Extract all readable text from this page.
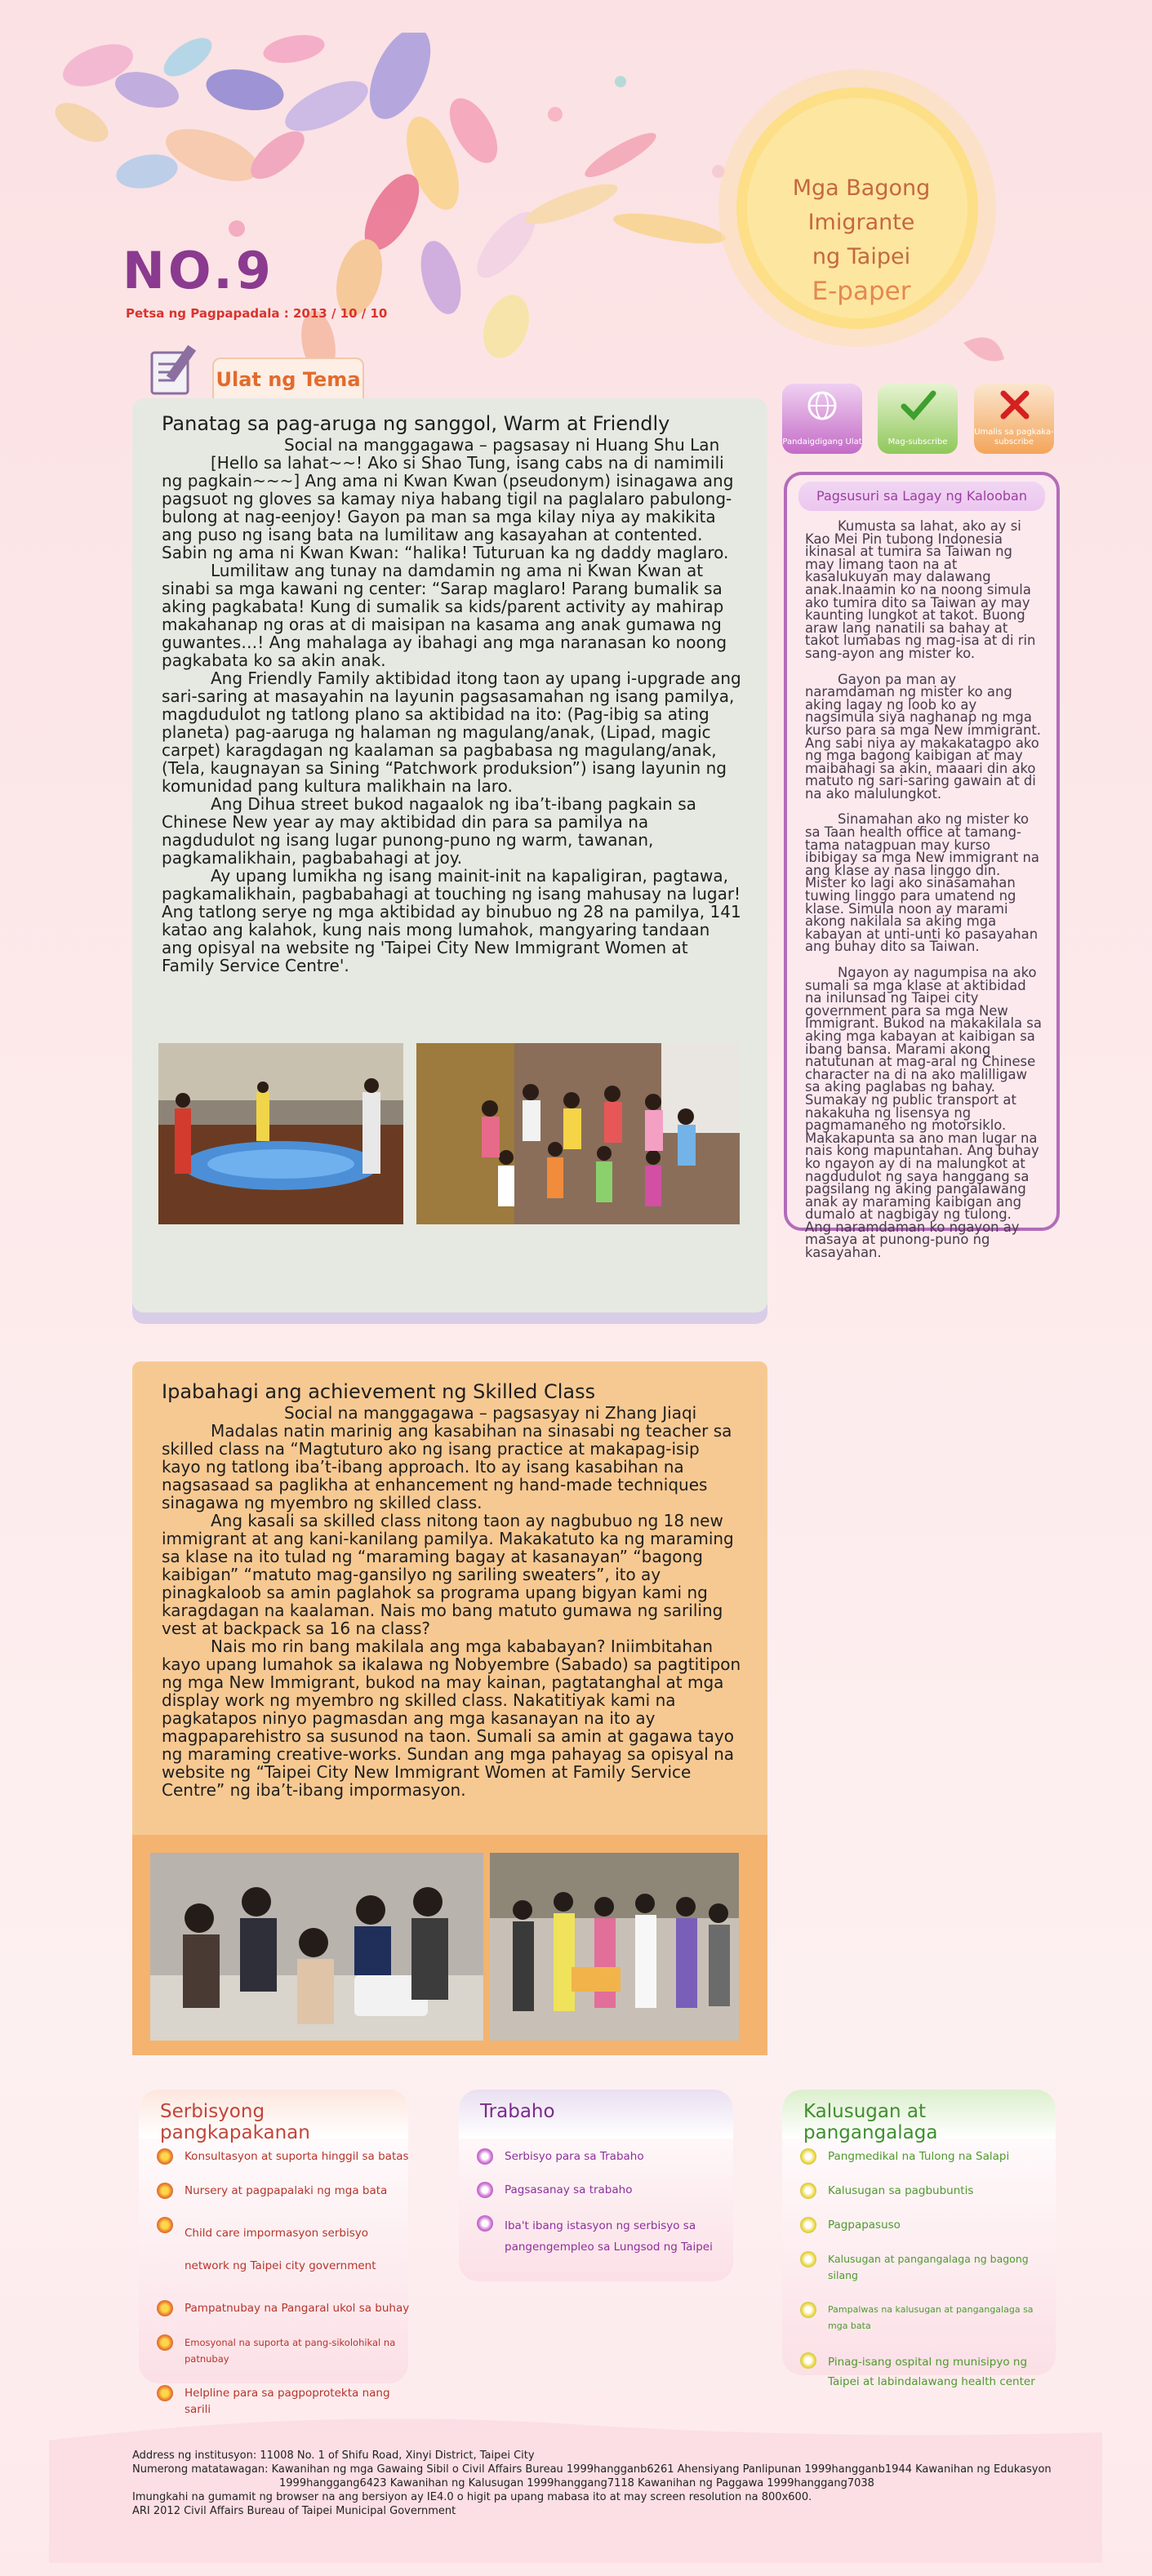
NO.9
Petsa ng Pagpapadala : 2013 / 10 / 10
Mga Bagong Imigrante
ng Taipei
E-paper
Ulat ng Tema
Panatag sa pag-aruga ng sanggol, Warm at Friendly
Social na manggagawa – pagsasay ni Huang Shu Lan

[Hello sa lahat~~! Ako si Shao Tung, isang cabs na di namimili ng pagkain~~~] Ang ama ni Kwan Kwan (pseudonym) isinagawa ang pagsuot ng gloves sa kamay niya habang tigil na paglalaro pabulong-bulong at nag-eenjoy! Gayon pa man sa mga kilay niya ay makikita ang puso ng isang bata na lumilitaw ang kasayahan at contented. Sabin ng ama ni Kwan Kwan: “halika! Tuturuan ka ng daddy maglaro.

Lumilitaw ang tunay na damdamin ng ama ni Kwan Kwan at sinabi sa mga kawani ng center: “Sarap maglaro! Parang bumalik sa aking pagkabata! Kung di sumalik sa kids/parent activity ay mahirap makahanap ng oras at di maisipan na kasama ang anak gumawa ng guwantes…! Ang mahalaga ay ibahagi ang mga naranasan ko noong pagkabata ko sa akin anak.

Ang Friendly Family aktibidad itong taon ay upang i-upgrade ang sari-saring at masayahin na layunin pagsasamahan ng isang pamilya, magdudulot ng tatlong plano sa aktibidad na ito: (Pag-ibig sa ating planeta) pag-aaruga ng halaman ng magulang/anak, (Lipad, magic carpet) karagdagan ng kaalaman sa pagbabasa ng magulang/anak, (Tela, kaugnayan sa Sining “Patchwork produksion”) isang layunin ng komunidad pang kultura malikhain na laro.

Ang Dihua street bukod nagaalok ng iba’t-ibang pagkain sa Chinese New year ay may aktibidad din para sa pamilya na nagdudulot ng isang lugar punong-puno ng warm, tawanan, pagkamalikhain, pagbabahagi at joy.

Ay upang lumikha ng isang mainit-init na kapaligiran, pagtawa, pagkamalikhain, pagbabahagi at touching ng isang mahusay na lugar! Ang tatlong serye ng mga aktibidad ay binubuo ng 28 na pamilya, 141 katao ang kalahok, kung nais mong lumahok, mangyaring tandaan ang opisyal na website ng 'Taipei City New Immigrant Women at Family Service Centre'.

Pandaigdigang Ulat	Mag-subscribe
Umalis sa pagkaka-subscribe
Pagsusuri sa Lagay ng Kalooban

Kumusta sa lahat, ako ay si Kao Mei Pin tubong Indonesia ikinasal at tumira sa Taiwan ng may limang taon na at kasalukuyan may dalawang anak.Inaamin ko na noong simula ako tumira dito sa Taiwan ay may kaunting lungkot at takot. Buong araw lang nanatili sa bahay at takot lumabas ng mag-isa at di rin sang-ayon ang mister ko.

Gayon pa man ay naramdaman ng mister ko ang aking lagay ng loob ko ay nagsimula siya naghanap ng mga kurso para sa mga New immigrant. Ang sabi niya ay makakatagpo ako ng mga bagong kaibigan at may maibahagi sa akin, maaari din ako matuto ng sari-saring gawain at di na ako malulungkot.

Sinamahan ako ng mister ko sa Taan health office at tamang-tama natagpuan may kurso ibibigay sa mga New immigrant na ang klase ay nasa linggo din. Mister ko lagi ako sinasamahan tuwing linggo para umatend ng klase. Simula noon ay marami akong nakilala sa aking mga kabayan at unti-unti ko pasayahan ang buhay dito sa Taiwan.

Ngayon ay nagumpisa na ako sumali sa mga klase at aktibidad na inilunsad ng Taipei city government para sa mga New Immigrant. Bukod na makakilala sa aking mga kabayan at kaibigan sa ibang bansa. Marami akong natutunan at mag-aral ng Chinese character na di na ako malilligaw sa aking paglabas ng bahay. Sumakay ng public transport at nakakuha ng lisensya ng pagmamaneho ng motorsiklo. Makakapunta sa ano man lugar na nais kong mapuntahan. Ang buhay ko ngayon ay di na malungkot at nagdudulot ng saya hanggang sa pagsilang ng aking pangalawang anak ay maraming kaibigan ang dumalo at nagbigay ng tulong. Ang naramdaman ko ngayon ay masaya at punong-puno ng kasayahan.

Ipabahagi ang achievement ng Skilled Class
Social na manggagawa – pagsasyay ni Zhang Jiaqi

Madalas natin marinig ang kasabihan na sinasabi ng teacher sa skilled class na “Magtuturo ako ng isang practice at makapag-isip kayo ng tatlong iba’t-ibang approach. Ito ay isang kasabihan na nagsasaad sa paglikha at enhancement ng hand-made techniques sinagawa ng myembro ng skilled class.

Ang kasali sa skilled class nitong taon ay nagbubuo ng 18 new immigrant at ang kani-kanilang pamilya. Makakatuto ka ng maraming sa klase na ito tulad ng “maraming bagay at kasanayan” “bagong kaibigan” “matuto mag-gansilyo ng sariling sweaters”, ito ay pinagkaloob sa amin paglahok sa programa upang bigyan kami ng karagdagan na kaalaman. Nais mo bang matuto gumawa ng sariling vest at backpack sa 16 na class?

Nais mo rin bang makilala ang mga kababayan? Iniimbitahan kayo upang lumahok sa ikalawa ng Nobyembre (Sabado) sa pagtitipon ng mga New Immigrant, bukod na may kainan, pagtatanghal at mga display work ng myembro ng skilled class. Nakatitiyak kami na pagkatapos ninyo pagmasdan ang mga kasanayan na ito ay magpaparehistro sa susunod na taon. Sumali sa amin at gagawa tayo ng maraming creative-works. Sundan ang mga pahayag sa opisyal na website ng “Taipei City New Immigrant Women at Family Service Centre” ng iba’t-ibang impormasyon.

Serbisyong pangkapakanan
Konsultasyon at suporta hinggil sa batas
Nursery at pagpapalaki ng mga bata
Child care impormasyon serbisyo network ng Taipei city government
Pampatnubay na Pangaral ukol sa buhay
Emosyonal na suporta at pang-sikolohikal na patnubay
Helpline para sa pagpoprotekta nang sarili
Trabaho
Serbisyo para sa Trabaho
Pagsasanay sa trabaho
Iba't ibang istasyon ng serbisyo sa pangengempleo sa Lungsod ng Taipei
Kalusugan at pangangalaga
Pangmedikal na Tulong na Salapi
Kalusugan sa pagbubuntis
Pagpapasuso
Kalusugan at pangangalaga ng bagong silang
Pampalwas na kalusugan at pangangalaga sa mga bata
Pinag-isang ospital ng munisipyo ng Taipei at labindalawang health center
Address ng institusyon: 11008 No. 1 of Shifu Road, Xinyi District, Taipei City
Numerong matatawagan: Kawanihan ng mga Gawaing Sibil o Civil Affairs Bureau 1999hangganb6261 Ahensiyang Panlipunan 1999hangganb1944 Kawanihan ng Edukasyon
1999hanggang6423 Kawanihan ng Kalusugan 1999hanggang7118 Kawanihan ng Paggawa 1999hanggang7038
Imungkahi na gumamit ng browser na ang bersiyon ay IE4.0 o higit pa upang mabasa ito at may screen resolution na 800x600.
ARI 2012 Civil Affairs Bureau of Taipei Municipal Government
